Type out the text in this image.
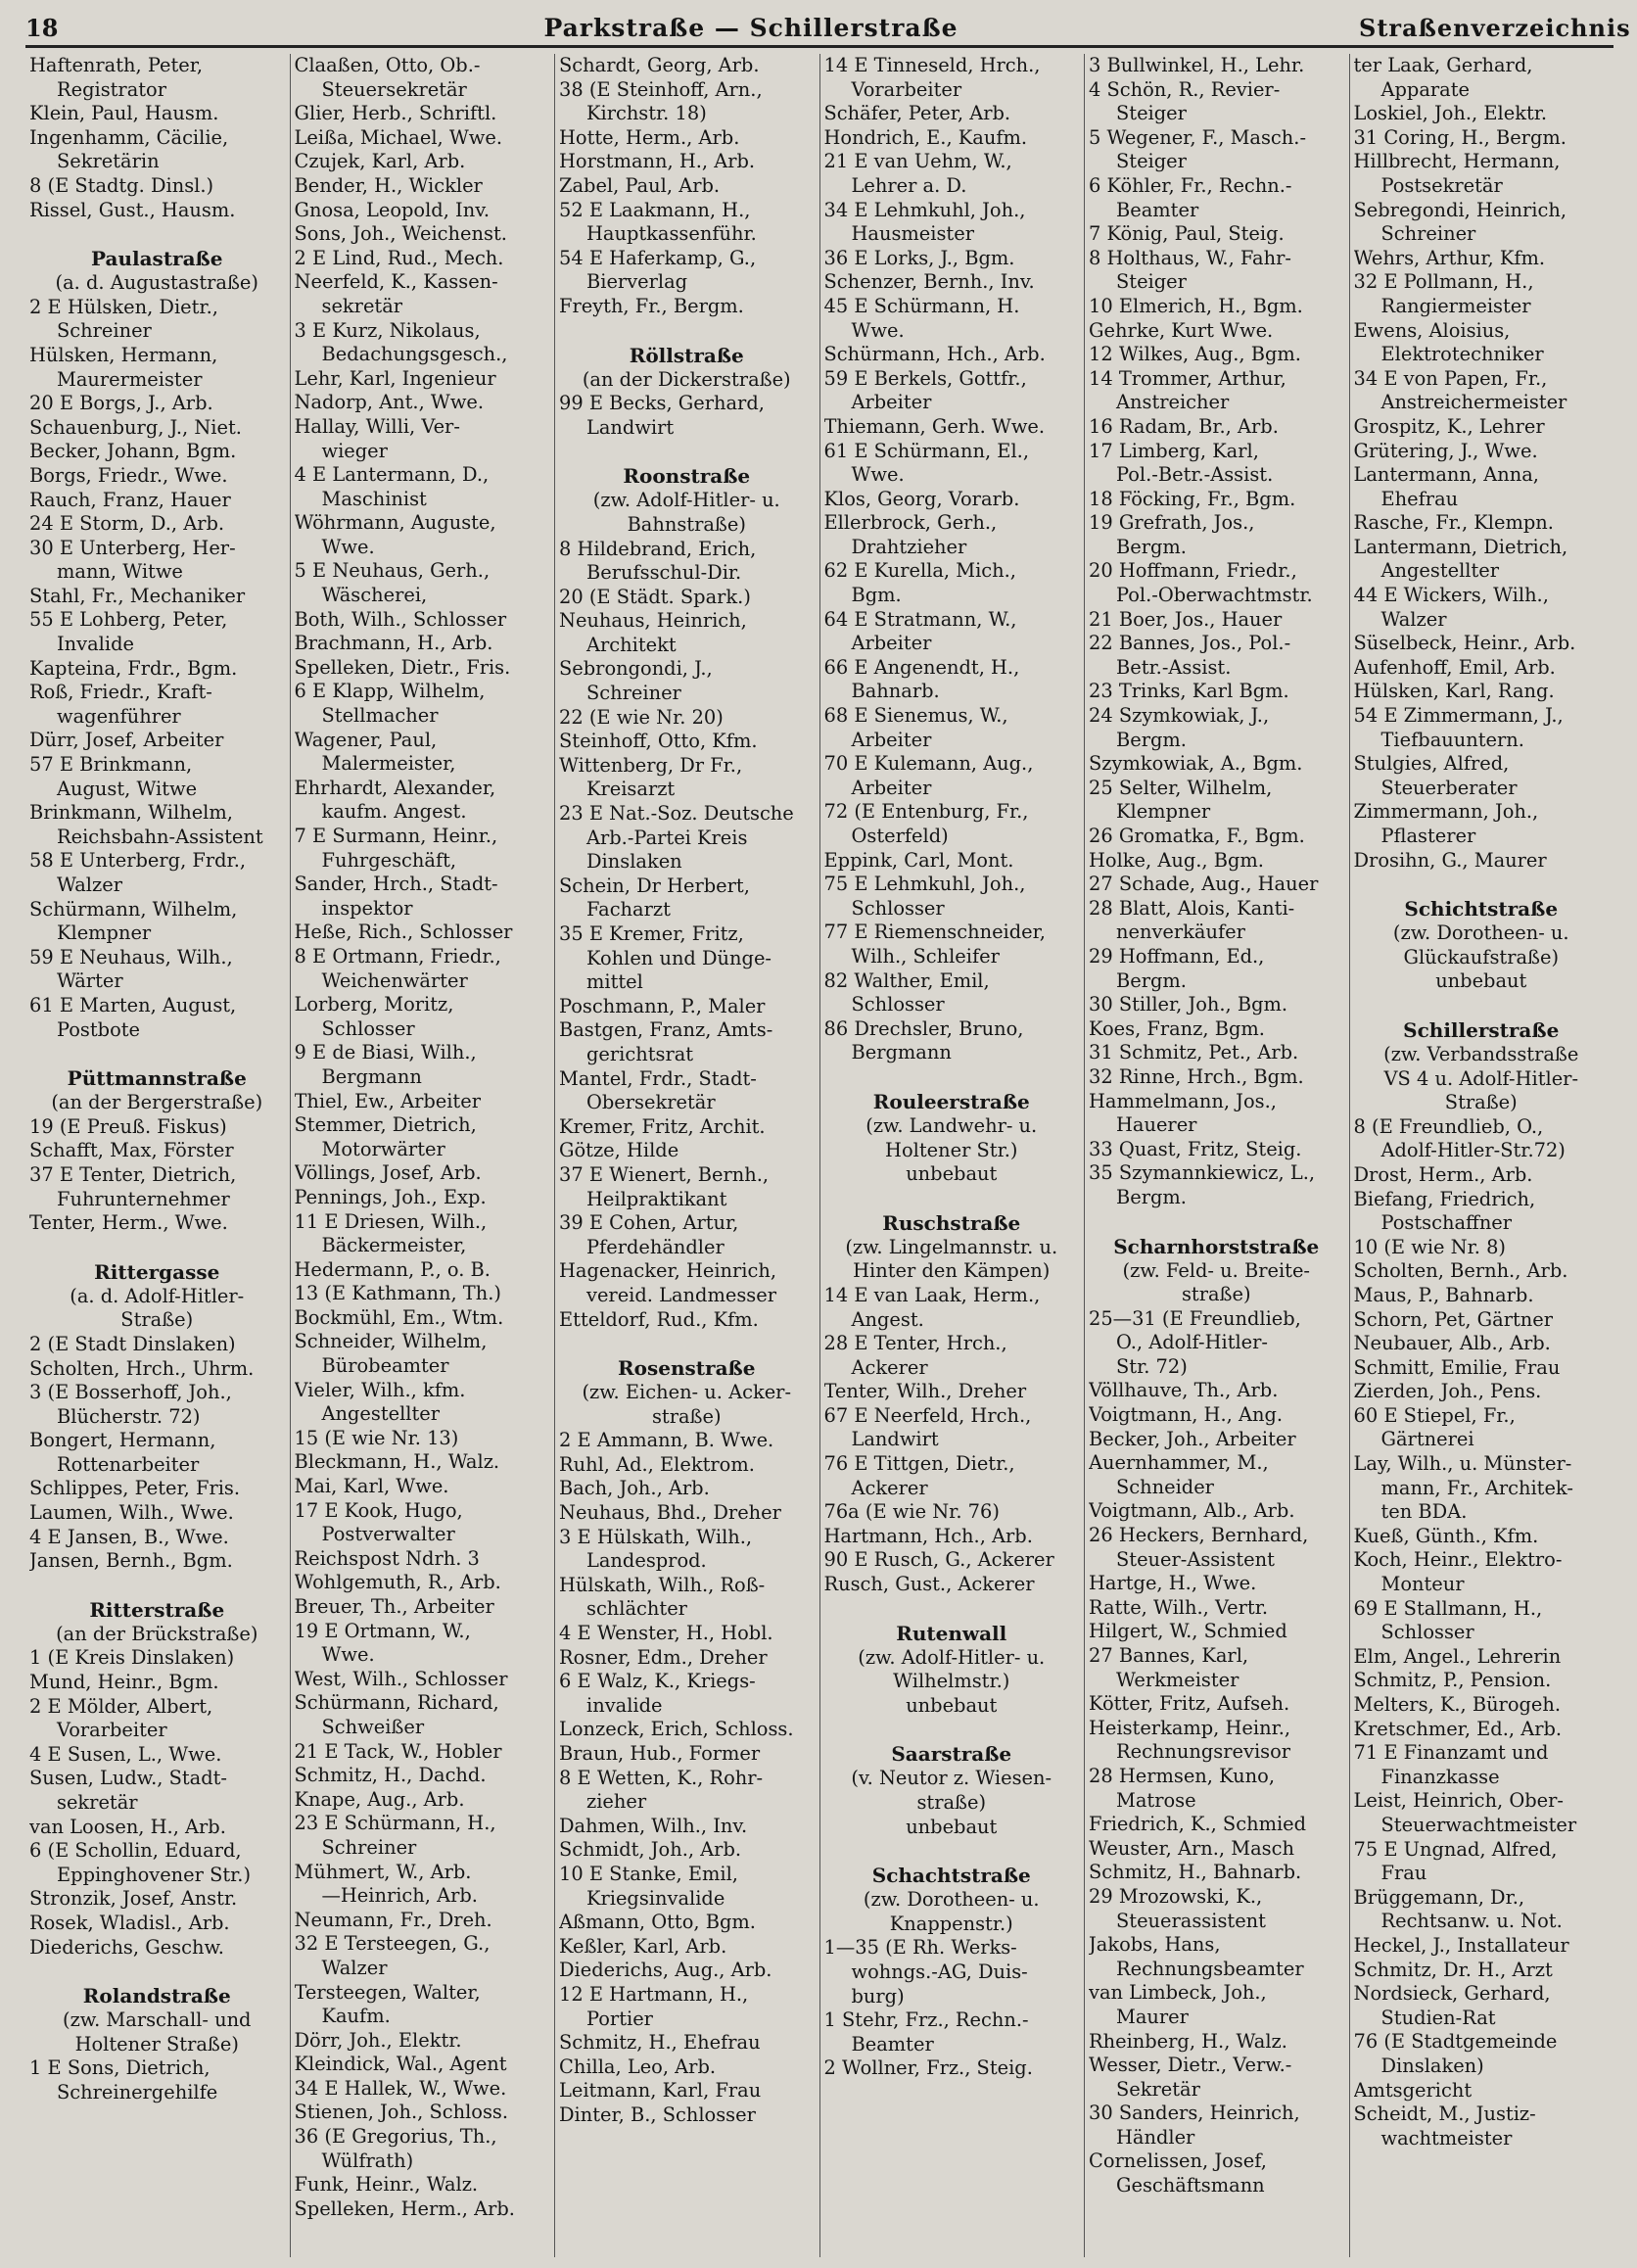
18	Parkstraße — Schillerstraße	Straßenverzeichnis
Haftenrath, Peter,
Registrator
Klein, Paul, Hausm.
Ingenhamm, Cäcilie,
Sekretärin
8 (E Stadtg. Dinsl.)
Rissel, Gust., Hausm.
Paulastraße
(a. d. Augustastraße)
2 E Hülsken, Dietr.,
Schreiner
Hülsken, Hermann,
Maurermeister
20 E Borgs, J., Arb.
Schauenburg, J., Niet.
Becker, Johann, Bgm.
Borgs, Friedr., Wwe.
Rauch, Franz, Hauer
24 E Storm, D., Arb.
30 E Unterberg, Her-
mann, Witwe
Stahl, Fr., Mechaniker
55 E Lohberg, Peter,
Invalide
Kapteina, Frdr., Bgm.
Roß, Friedr., Kraft-
wagenführer
Dürr, Josef, Arbeiter
57 E Brinkmann,
August, Witwe
Brinkmann, Wilhelm,
Reichsbahn-Assistent
58 E Unterberg, Frdr.,
Walzer
Schürmann, Wilhelm,
Klempner
59 E Neuhaus, Wilh.,
Wärter
61 E Marten, August,
Postbote
Püttmannstraße
(an der Bergerstraße)
19 (E Preuß. Fiskus)
Schafft, Max, Förster
37 E Tenter, Dietrich,
Fuhrunternehmer
Tenter, Herm., Wwe.
Rittergasse
(a. d. Adolf-Hitler-
Straße)
2 (E Stadt Dinslaken)
Scholten, Hrch., Uhrm.
3 (E Bosserhoff, Joh.,
Blücherstr. 72)
Bongert, Hermann,
Rottenarbeiter
Schlippes, Peter, Fris.
Laumen, Wilh., Wwe.
4 E Jansen, B., Wwe.
Jansen, Bernh., Bgm.
Ritterstraße
(an der Brückstraße)
1 (E Kreis Dinslaken)
Mund, Heinr., Bgm.
2 E Mölder, Albert,
Vorarbeiter
4 E Susen, L., Wwe.
Susen, Ludw., Stadt-
sekretär
van Loosen, H., Arb.
6 (E Schollin, Eduard,
Eppinghovener Str.)
Stronzik, Josef, Anstr.
Rosek, Wladisl., Arb.
Diederichs, Geschw.
Rolandstraße
(zw. Marschall- und
Holtener Straße)
1 E Sons, Dietrich,
Schreinergehilfe
Claaßen, Otto, Ob.-
Steuersekretär
Glier, Herb., Schriftl.
Leißa, Michael, Wwe.
Czujek, Karl, Arb.
Bender, H., Wickler
Gnosa, Leopold, Inv.
Sons, Joh., Weichenst.
2 E Lind, Rud., Mech.
Neerfeld, K., Kassen-
sekretär
3 E Kurz, Nikolaus,
Bedachungsgesch.,
Lehr, Karl, Ingenieur
Nadorp, Ant., Wwe.
Hallay, Willi, Ver-
wieger
4 E Lantermann, D.,
Maschinist
Wöhrmann, Auguste,
Wwe.
5 E Neuhaus, Gerh.,
Wäscherei,
Both, Wilh., Schlosser
Brachmann, H., Arb.
Spelleken, Dietr., Fris.
6 E Klapp, Wilhelm,
Stellmacher
Wagener, Paul,
Malermeister,
Ehrhardt, Alexander,
kaufm. Angest.
7 E Surmann, Heinr.,
Fuhrgeschäft,
Sander, Hrch., Stadt-
inspektor
Heße, Rich., Schlosser
8 E Ortmann, Friedr.,
Weichenwärter
Lorberg, Moritz,
Schlosser
9 E de Biasi, Wilh.,
Bergmann
Thiel, Ew., Arbeiter
Stemmer, Dietrich,
Motorwärter
Völlings, Josef, Arb.
Pennings, Joh., Exp.
11 E Driesen, Wilh.,
Bäckermeister,
Hedermann, P., o. B.
13 (E Kathmann, Th.)
Bockmühl, Em., Wtm.
Schneider, Wilhelm,
Bürobeamter
Vieler, Wilh., kfm.
Angestellter
15 (E wie Nr. 13)
Bleckmann, H., Walz.
Mai, Karl, Wwe.
17 E Kook, Hugo,
Postverwalter
Reichspost Ndrh. 3
Wohlgemuth, R., Arb.
Breuer, Th., Arbeiter
19 E Ortmann, W.,
Wwe.
West, Wilh., Schlosser
Schürmann, Richard,
Schweißer
21 E Tack, W., Hobler
Schmitz, H., Dachd.
Knape, Aug., Arb.
23 E Schürmann, H.,
Schreiner
Mühmert, W., Arb.
—Heinrich, Arb.
Neumann, Fr., Dreh.
32 E Tersteegen, G.,
Walzer
Tersteegen, Walter,
Kaufm.
Dörr, Joh., Elektr.
Kleindick, Wal., Agent
34 E Hallek, W., Wwe.
Stienen, Joh., Schloss.
36 (E Gregorius, Th.,
Wülfrath)
Funk, Heinr., Walz.
Spelleken, Herm., Arb.
Schardt, Georg, Arb.
38 (E Steinhoff, Arn.,
Kirchstr. 18)
Hotte, Herm., Arb.
Horstmann, H., Arb.
Zabel, Paul, Arb.
52 E Laakmann, H.,
Hauptkassenführ.
54 E Haferkamp, G.,
Bierverlag
Freyth, Fr., Bergm.
Röllstraße
(an der Dickerstraße)
99 E Becks, Gerhard,
Landwirt
Roonstraße
(zw. Adolf-Hitler- u.
Bahnstraße)
8 Hildebrand, Erich,
Berufsschul-Dir.
20 (E Städt. Spark.)
Neuhaus, Heinrich,
Architekt
Sebrongondi, J.,
Schreiner
22 (E wie Nr. 20)
Steinhoff, Otto, Kfm.
Wittenberg, Dr Fr.,
Kreisarzt
23 E Nat.-Soz. Deutsche
Arb.-Partei Kreis
Dinslaken
Schein, Dr Herbert,
Facharzt
35 E Kremer, Fritz,
Kohlen und Dünge-
mittel
Poschmann, P., Maler
Bastgen, Franz, Amts-
gerichtsrat
Mantel, Frdr., Stadt-
Obersekretär
Kremer, Fritz, Archit.
Götze, Hilde
37 E Wienert, Bernh.,
Heilpraktikant
39 E Cohen, Artur,
Pferdehändler
Hagenacker, Heinrich,
vereid. Landmesser
Etteldorf, Rud., Kfm.
Rosenstraße
(zw. Eichen- u. Acker-
straße)
2 E Ammann, B. Wwe.
Ruhl, Ad., Elektrom.
Bach, Joh., Arb.
Neuhaus, Bhd., Dreher
3 E Hülskath, Wilh.,
Landesprod.
Hülskath, Wilh., Roß-
schlächter
4 E Wenster, H., Hobl.
Rosner, Edm., Dreher
6 E Walz, K., Kriegs-
invalide
Lonzeck, Erich, Schloss.
Braun, Hub., Former
8 E Wetten, K., Rohr-
zieher
Dahmen, Wilh., Inv.
Schmidt, Joh., Arb.
10 E Stanke, Emil,
Kriegsinvalide
Aßmann, Otto, Bgm.
Keßler, Karl, Arb.
Diederichs, Aug., Arb.
12 E Hartmann, H.,
Portier
Schmitz, H., Ehefrau
Chilla, Leo, Arb.
Leitmann, Karl, Frau
Dinter, B., Schlosser
14 E Tinneseld, Hrch.,
Vorarbeiter
Schäfer, Peter, Arb.
Hondrich, E., Kaufm.
21 E van Uehm, W.,
Lehrer a. D.
34 E Lehmkuhl, Joh.,
Hausmeister
36 E Lorks, J., Bgm.
Schenzer, Bernh., Inv.
45 E Schürmann, H.
Wwe.
Schürmann, Hch., Arb.
59 E Berkels, Gottfr.,
Arbeiter
Thiemann, Gerh. Wwe.
61 E Schürmann, El.,
Wwe.
Klos, Georg, Vorarb.
Ellerbrock, Gerh.,
Drahtzieher
62 E Kurella, Mich.,
Bgm.
64 E Stratmann, W.,
Arbeiter
66 E Angenendt, H.,
Bahnarb.
68 E Sienemus, W.,
Arbeiter
70 E Kulemann, Aug.,
Arbeiter
72 (E Entenburg, Fr.,
Osterfeld)
Eppink, Carl, Mont.
75 E Lehmkuhl, Joh.,
Schlosser
77 E Riemenschneider,
Wilh., Schleifer
82 Walther, Emil,
Schlosser
86 Drechsler, Bruno,
Bergmann
Rouleerstraße
(zw. Landwehr- u.
Holtener Str.)
unbebaut
Ruschstraße
(zw. Lingelmannstr. u.
Hinter den Kämpen)
14 E van Laak, Herm.,
Angest.
28 E Tenter, Hrch.,
Ackerer
Tenter, Wilh., Dreher
67 E Neerfeld, Hrch.,
Landwirt
76 E Tittgen, Dietr.,
Ackerer
76a (E wie Nr. 76)
Hartmann, Hch., Arb.
90 E Rusch, G., Ackerer
Rusch, Gust., Ackerer
Rutenwall
(zw. Adolf-Hitler- u.
Wilhelmstr.)
unbebaut
Saarstraße
(v. Neutor z. Wiesen-
straße)
unbebaut
Schachtstraße
(zw. Dorotheen- u.
Knappenstr.)
1—35 (E Rh. Werks-
wohngs.-AG, Duis-
burg)
1 Stehr, Frz., Rechn.-
Beamter
2 Wollner, Frz., Steig.
3 Bullwinkel, H., Lehr.
4 Schön, R., Revier-
Steiger
5 Wegener, F., Masch.-
Steiger
6 Köhler, Fr., Rechn.-
Beamter
7 König, Paul, Steig.
8 Holthaus, W., Fahr-
Steiger
10 Elmerich, H., Bgm.
Gehrke, Kurt Wwe.
12 Wilkes, Aug., Bgm.
14 Trommer, Arthur,
Anstreicher
16 Radam, Br., Arb.
17 Limberg, Karl,
Pol.-Betr.-Assist.
18 Föcking, Fr., Bgm.
19 Grefrath, Jos.,
Bergm.
20 Hoffmann, Friedr.,
Pol.-Oberwachtmstr.
21 Boer, Jos., Hauer
22 Bannes, Jos., Pol.-
Betr.-Assist.
23 Trinks, Karl Bgm.
24 Szymkowiak, J.,
Bergm.
Szymkowiak, A., Bgm.
25 Selter, Wilhelm,
Klempner
26 Gromatka, F., Bgm.
Holke, Aug., Bgm.
27 Schade, Aug., Hauer
28 Blatt, Alois, Kanti-
nenverkäufer
29 Hoffmann, Ed.,
Bergm.
30 Stiller, Joh., Bgm.
Koes, Franz, Bgm.
31 Schmitz, Pet., Arb.
32 Rinne, Hrch., Bgm.
Hammelmann, Jos.,
Hauerer
33 Quast, Fritz, Steig.
35 Szymannkiewicz, L.,
Bergm.
Scharnhorststraße
(zw. Feld- u. Breite-
straße)
25—31 (E Freundlieb,
O., Adolf-Hitler-
Str. 72)
Völlhauve, Th., Arb.
Voigtmann, H., Ang.
Becker, Joh., Arbeiter
Auernhammer, M.,
Schneider
Voigtmann, Alb., Arb.
26 Heckers, Bernhard,
Steuer-Assistent
Hartge, H., Wwe.
Ratte, Wilh., Vertr.
Hilgert, W., Schmied
27 Bannes, Karl,
Werkmeister
Kötter, Fritz, Aufseh.
Heisterkamp, Heinr.,
Rechnungsrevisor
28 Hermsen, Kuno,
Matrose
Friedrich, K., Schmied
Weuster, Arn., Masch
Schmitz, H., Bahnarb.
29 Mrozowski, K.,
Steuerassistent
Jakobs, Hans,
Rechnungsbeamter
van Limbeck, Joh.,
Maurer
Rheinberg, H., Walz.
Wesser, Dietr., Verw.-
Sekretär
30 Sanders, Heinrich,
Händler
Cornelissen, Josef,
Geschäftsmann
ter Laak, Gerhard,
Apparate
Loskiel, Joh., Elektr.
31 Coring, H., Bergm.
Hillbrecht, Hermann,
Postsekretär
Sebregondi, Heinrich,
Schreiner
Wehrs, Arthur, Kfm.
32 E Pollmann, H.,
Rangiermeister
Ewens, Aloisius,
Elektrotechniker
34 E von Papen, Fr.,
Anstreichermeister
Grospitz, K., Lehrer
Grütering, J., Wwe.
Lantermann, Anna,
Ehefrau
Rasche, Fr., Klempn.
Lantermann, Dietrich,
Angestellter
44 E Wickers, Wilh.,
Walzer
Süselbeck, Heinr., Arb.
Aufenhoff, Emil, Arb.
Hülsken, Karl, Rang.
54 E Zimmermann, J.,
Tiefbauuntern.
Stulgies, Alfred,
Steuerberater
Zimmermann, Joh.,
Pflasterer
Drosihn, G., Maurer
Schichtstraße
(zw. Dorotheen- u.
Glückaufstraße)
unbebaut
Schillerstraße
(zw. Verbandsstraße
VS 4 u. Adolf-Hitler-
Straße)
8 (E Freundlieb, O.,
Adolf-Hitler-Str.72)
Drost, Herm., Arb.
Biefang, Friedrich,
Postschaffner
10 (E wie Nr. 8)
Scholten, Bernh., Arb.
Maus, P., Bahnarb.
Schorn, Pet, Gärtner
Neubauer, Alb., Arb.
Schmitt, Emilie, Frau
Zierden, Joh., Pens.
60 E Stiepel, Fr.,
Gärtnerei
Lay, Wilh., u. Münster-
mann, Fr., Architek-
ten BDA.
Kueß, Günth., Kfm.
Koch, Heinr., Elektro-
Monteur
69 E Stallmann, H.,
Schlosser
Elm, Angel., Lehrerin
Schmitz, P., Pension.
Melters, K., Bürogeh.
Kretschmer, Ed., Arb.
71 E Finanzamt und
Finanzkasse
Leist, Heinrich, Ober-
Steuerwachtmeister
75 E Ungnad, Alfred,
Frau
Brüggemann, Dr.,
Rechtsanw. u. Not.
Heckel, J., Installateur
Schmitz, Dr. H., Arzt
Nordsieck, Gerhard,
Studien-Rat
76 (E Stadtgemeinde
Dinslaken)
Amtsgericht
Scheidt, M., Justiz-
wachtmeister
